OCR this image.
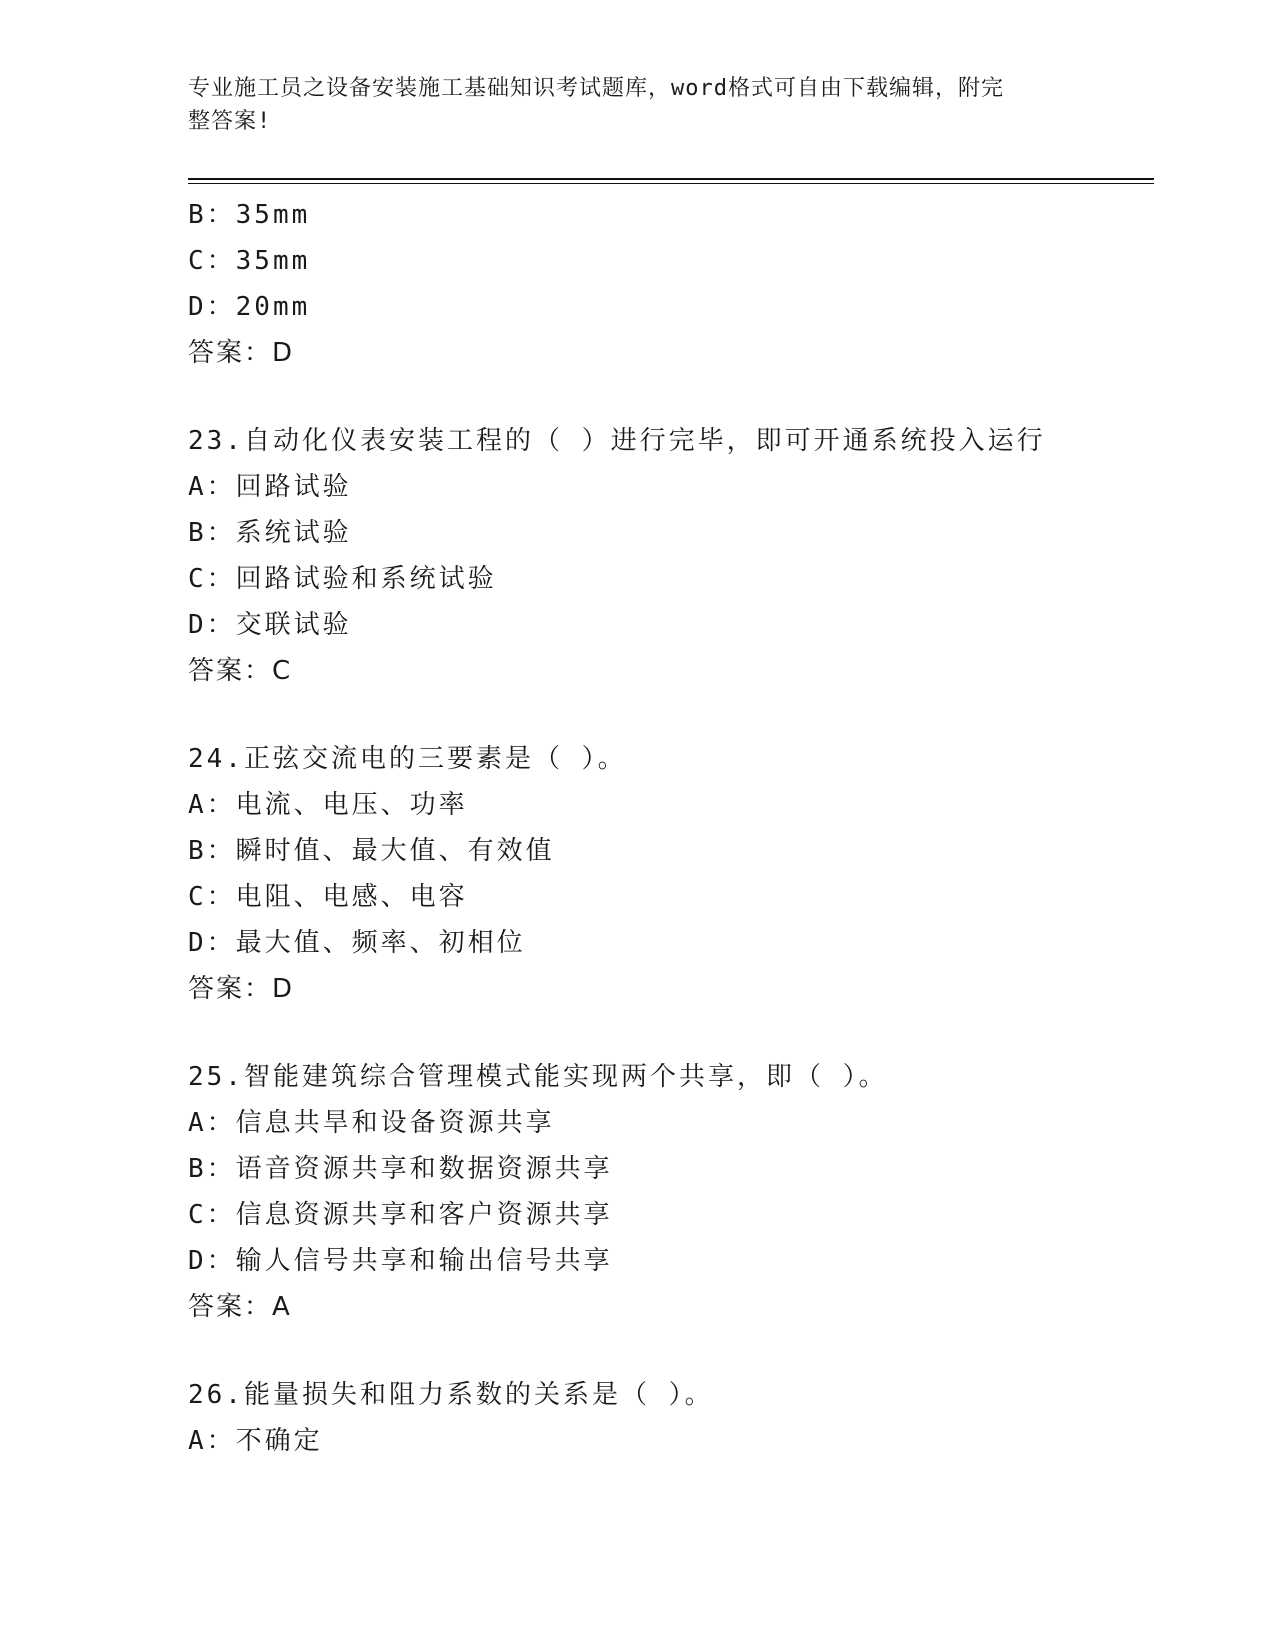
专业施工员之设备安装施工基础知识考试题库，word格式可自由下载编辑，附完
整答案!
B：35mm
C：35mm
D：20mm
答案：D
23.自动化仪表安装工程的（ ）进行完毕，即可开通系统投入运行
A：回路试验
B：系统试验
C：回路试验和系统试验
D：交联试验
答案：C
24.正弦交流电的三要素是（ ）。
A：电流、电压、功率
B：瞬时值、最大值、有效值
C：电阻、电感、电容
D：最大值、频率、初相位
答案：D
25.智能建筑综合管理模式能实现两个共享，即（ ）。
A：信息共旱和设备资源共享
B：语音资源共享和数据资源共享
C：信息资源共享和客户资源共享
D：输人信号共享和输出信号共享
答案：A
26.能量损失和阻力系数的关系是（ ）。
A：不确定
